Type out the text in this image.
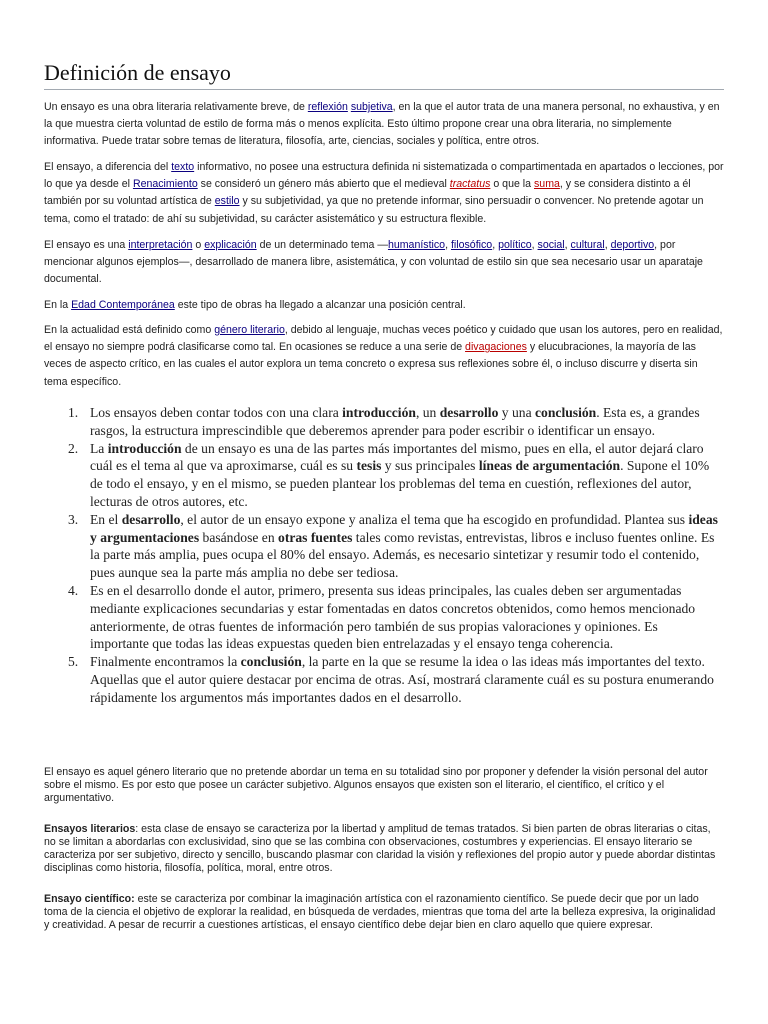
Definición de ensayo

Un ensayo es una obra literaria relativamente breve, de reflexión subjetiva, en la que el autor trata de una manera personal, no exhaustiva, y en la que muestra cierta voluntad de estilo de forma más o menos explícita. Esto último propone crear una obra literaria, no simplemente informativa. Puede tratar sobre temas de literatura, filosofía, arte, ciencias, sociales y política, entre otros.

El ensayo, a diferencia del texto informativo, no posee una estructura definida ni sistematizada o compartimentada en apartados o lecciones, por lo que ya desde el Renacimiento se consideró un género más abierto que el medieval tractatus o que la suma, y se considera distinto a él también por su voluntad artística de estilo y su subjetividad, ya que no pretende informar, sino persuadir o convencer. No pretende agotar un tema, como el tratado: de ahí su subjetividad, su carácter asistemático y su estructura flexible.

El ensayo es una interpretación o explicación de un determinado tema —humanístico, filosófico, político, social, cultural, deportivo, por mencionar algunos ejemplos—, desarrollado de manera libre, asistemática, y con voluntad de estilo sin que sea necesario usar un aparataje documental.

En la Edad Contemporánea este tipo de obras ha llegado a alcanzar una posición central.

En la actualidad está definido como género literario, debido al lenguaje, muchas veces poético y cuidado que usan los autores, pero en realidad, el ensayo no siempre podrá clasificarse como tal. En ocasiones se reduce a una serie de divagaciones y elucubraciones, la mayoría de las veces de aspecto crítico, en las cuales el autor explora un tema concreto o expresa sus reflexiones sobre él, o incluso discurre y diserta sin tema específico.

1. Los ensayos deben contar todos con una clara introducción, un desarrollo y una conclusión. Esta es, a grandes rasgos, la estructura imprescindible que deberemos aprender para poder escribir o identificar un ensayo.
2. La introducción de un ensayo es una de las partes más importantes del mismo, pues en ella, el autor dejará claro cuál es el tema al que va aproximarse, cuál es su tesis y sus principales líneas de argumentación. Supone el 10% de todo el ensayo, y en el mismo, se pueden plantear los problemas del tema en cuestión, reflexiones del autor, lecturas de otros autores, etc.
3. En el desarrollo, el autor de un ensayo expone y analiza el tema que ha escogido en profundidad. Plantea sus ideas y argumentaciones basándose en otras fuentes tales como revistas, entrevistas, libros e incluso fuentes online. Es la parte más amplia, pues ocupa el 80% del ensayo. Además, es necesario sintetizar y resumir todo el contenido, pues aunque sea la parte más amplia no debe ser tediosa.
4. Es en el desarrollo donde el autor, primero, presenta sus ideas principales, las cuales deben ser argumentadas mediante explicaciones secundarias y estar fomentadas en datos concretos obtenidos, como hemos mencionado anteriormente, de otras fuentes de información pero también de sus propias valoraciones y opiniones. Es importante que todas las ideas expuestas queden bien entrelazadas y el ensayo tenga coherencia.
5. Finalmente encontramos la conclusión, la parte en la que se resume la idea o las ideas más importantes del texto. Aquellas que el autor quiere destacar por encima de otras. Así, mostrará claramente cuál es su postura enumerando rápidamente los argumentos más importantes dados en el desarrollo.

El ensayo es aquel género literario que no pretende abordar un tema en su totalidad sino por proponer y defender la visión personal del autor sobre el mismo. Es por esto que posee un carácter subjetivo. Algunos ensayos que existen son el literario, el científico, el crítico y el argumentativo.

Ensayos literarios: esta clase de ensayo se caracteriza por la libertad y amplitud de temas tratados. Si bien parten de obras literarias o citas, no se limitan a abordarlas con exclusividad, sino que se las combina con observaciones, costumbres y experiencias. El ensayo literario se caracteriza por ser subjetivo, directo y sencillo, buscando plasmar con claridad la visión y reflexiones del propio autor y puede abordar distintas disciplinas como historia, filosofía, política, moral, entre otros.

Ensayo científico: este se caracteriza por combinar la imaginación artística con el razonamiento científico. Se puede decir que por un lado toma de la ciencia el objetivo de explorar la realidad, en búsqueda de verdades, mientras que toma del arte la belleza expresiva, la originalidad y creatividad. A pesar de recurrir a cuestiones artísticas, el ensayo científico debe dejar bien en claro aquello que quiere expresar.
